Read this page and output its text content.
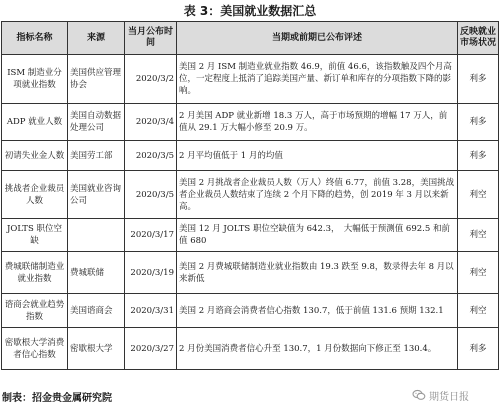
表 3：美国就业数据汇总
指标名称	来源	当月公布时间	当期或前期已公布评述	反映就业市场状况
ISM 制造业分项就业指数	美国供应管理协会	2020/3/2	美国 2 月 ISM 制造业就业指数 46.9，前值 46.6，该指数触及四个月高位，一定程度上抵消了追踪美国产量、新订单和库存的分项指数下降的影响。	利多
ADP 就业人数	美国自动数据处理公司	2020/3/4	2 月美国 ADP 就业新增 18.3 万人，高于市场预期的增幅 17 万人，前值从 29.1 万大幅小修至 20.9 万。	利多
初请失业金人数	美国劳工部	2020/3/5	2 月平均值低于 1 月的均值	利多
挑战者企业裁员人数	美国就业咨询公司	2020/3/5	美国 2 月挑战者企业裁员人数（万人）终值 6.77，前值 3.28，美国挑战者企业裁员人数结束了连续 2 个月下降的趋势，创 2019 年 3 月以来新高。	利空
JOLTS 职位空缺		2020/3/17	美国 12 月 JOLTS 职位空缺值为 642.3，　大幅低于预测值 692.5 和前值 680	利空
费城联储制造业就业指数	费城联储	2020/3/19	美国 2 月费城联储制造业就业指数由 19.3 跌至 9.8，数录得去年 8 月以来新低	利空
谘商会就业趋势指数	美国谘商会	2020/3/31	美国 2 月谘商会消费者信心指数 130.7，低于前值 131.6 预期 132.1	利空
密歇根大学消费者信心指数	密歇根大学	2020/3/27	2 月份美国消费者信心升至 130.7，1 月份数据向下修正至 130.4。	利多
制表：招金贵金属研究院	期货日报
